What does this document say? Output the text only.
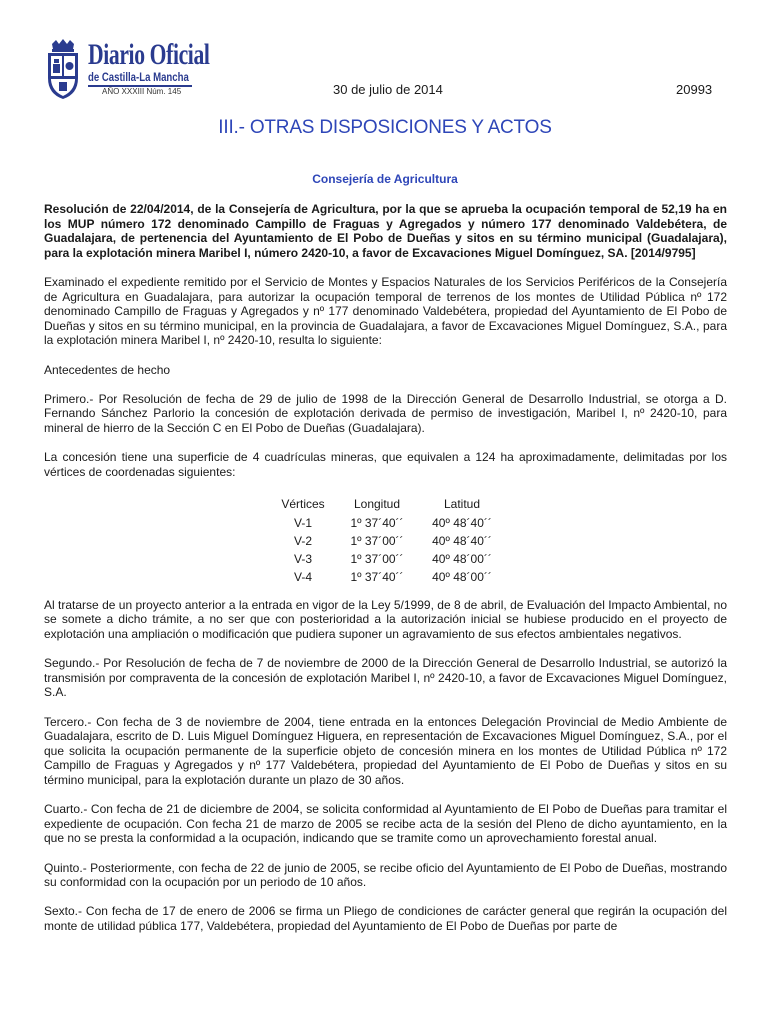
Diario Oficial
de Castilla-La Mancha
AÑO XXXIII Núm. 145	30 de julio de 2014	20993
III.- OTRAS DISPOSICIONES Y ACTOS
Consejería de Agricultura

Resolución de 22/04/2014, de la Consejería de Agricultura, por la que se aprueba la ocupación temporal de 52,19 ha en los MUP número 172 denominado Campillo de Fraguas y Agregados y número 177 denominado Valdebétera, de Guadalajara, de pertenencia del Ayuntamiento de El Pobo de Dueñas y sitos en su término municipal (Guadalajara), para la explotación minera Maribel I, número 2420-10, a favor de Excavaciones Miguel Domínguez, SA. [2014/9795]

Examinado el expediente remitido por el Servicio de Montes y Espacios Naturales de los Servicios Periféricos de la Consejería de Agricultura en Guadalajara, para autorizar la ocupación temporal de terrenos de los montes de Utilidad Pública nº 172 denominado Campillo de Fraguas y Agregados y nº 177 denominado Valdebétera, propiedad del Ayuntamiento de El Pobo de Dueñas y sitos en su término municipal, en la provincia de Guadalajara, a favor de Excavaciones Miguel Domínguez, S.A., para la explotación minera Maribel I, nº 2420-10, resulta lo siguiente:

Antecedentes de hecho

Primero.- Por Resolución de fecha de 29 de julio de 1998 de la Dirección General de Desarrollo Industrial, se otorga a D. Fernando Sánchez Parlorio la concesión de explotación derivada de permiso de investigación, Maribel I, nº 2420-10, para mineral de hierro de la Sección C en El Pobo de Dueñas (Guadalajara).

La concesión tiene una superficie de 4 cuadrículas mineras, que equivalen a 124 ha aproximadamente, delimitadas por los vértices de coordenadas siguientes:

Vértices	Longitud	Latitud
V-1	1º 37´40´´	40º 48´40´´
V-2	1º 37´00´´	40º 48´40´´
V-3	1º 37´00´´	40º 48´00´´
V-4	1º 37´40´´	40º 48´00´´

Al tratarse de un proyecto anterior a la entrada en vigor de la Ley 5/1999, de 8 de abril, de Evaluación del Impacto Ambiental, no se somete a dicho trámite, a no ser que con posterioridad a la autorización inicial se hubiese producido en el proyecto de explotación una ampliación o modificación que pudiera suponer un agravamiento de sus efectos ambientales negativos.

Segundo.- Por Resolución de fecha de 7 de noviembre de 2000 de la Dirección General de Desarrollo Industrial, se autorizó la transmisión por compraventa de la concesión de explotación Maribel I, nº 2420-10, a favor de Excavaciones Miguel Domínguez, S.A.

Tercero.- Con fecha de 3 de noviembre de 2004, tiene entrada en la entonces Delegación Provincial de Medio Ambiente de Guadalajara, escrito de D. Luis Miguel Domínguez Higuera, en representación de Excavaciones Miguel Domínguez, S.A., por el que solicita la ocupación permanente de la superficie objeto de concesión minera en los montes de Utilidad Pública nº 172 Campillo de Fraguas y Agregados y nº 177 Valdebétera, propiedad del Ayuntamiento de El Pobo de Dueñas y sitos en su término municipal, para la explotación durante un plazo de 30 años.

Cuarto.- Con fecha de 21 de diciembre de 2004, se solicita conformidad al Ayuntamiento de El Pobo de Dueñas para tramitar el expediente de ocupación. Con fecha 21 de marzo de 2005 se recibe acta de la sesión del Pleno de dicho ayuntamiento, en la que no se presta la conformidad a la ocupación, indicando que se tramite como un aprovechamiento forestal anual.

Quinto.- Posteriormente, con fecha de 22 de junio de 2005, se recibe oficio del Ayuntamiento de El Pobo de Dueñas, mostrando su conformidad con la ocupación por un periodo de 10 años.

Sexto.- Con fecha de 17 de enero de 2006 se firma un Pliego de condiciones de carácter general que regirán la ocupación del monte de utilidad pública 177, Valdebétera, propiedad del Ayuntamiento de El Pobo de Dueñas por parte de
